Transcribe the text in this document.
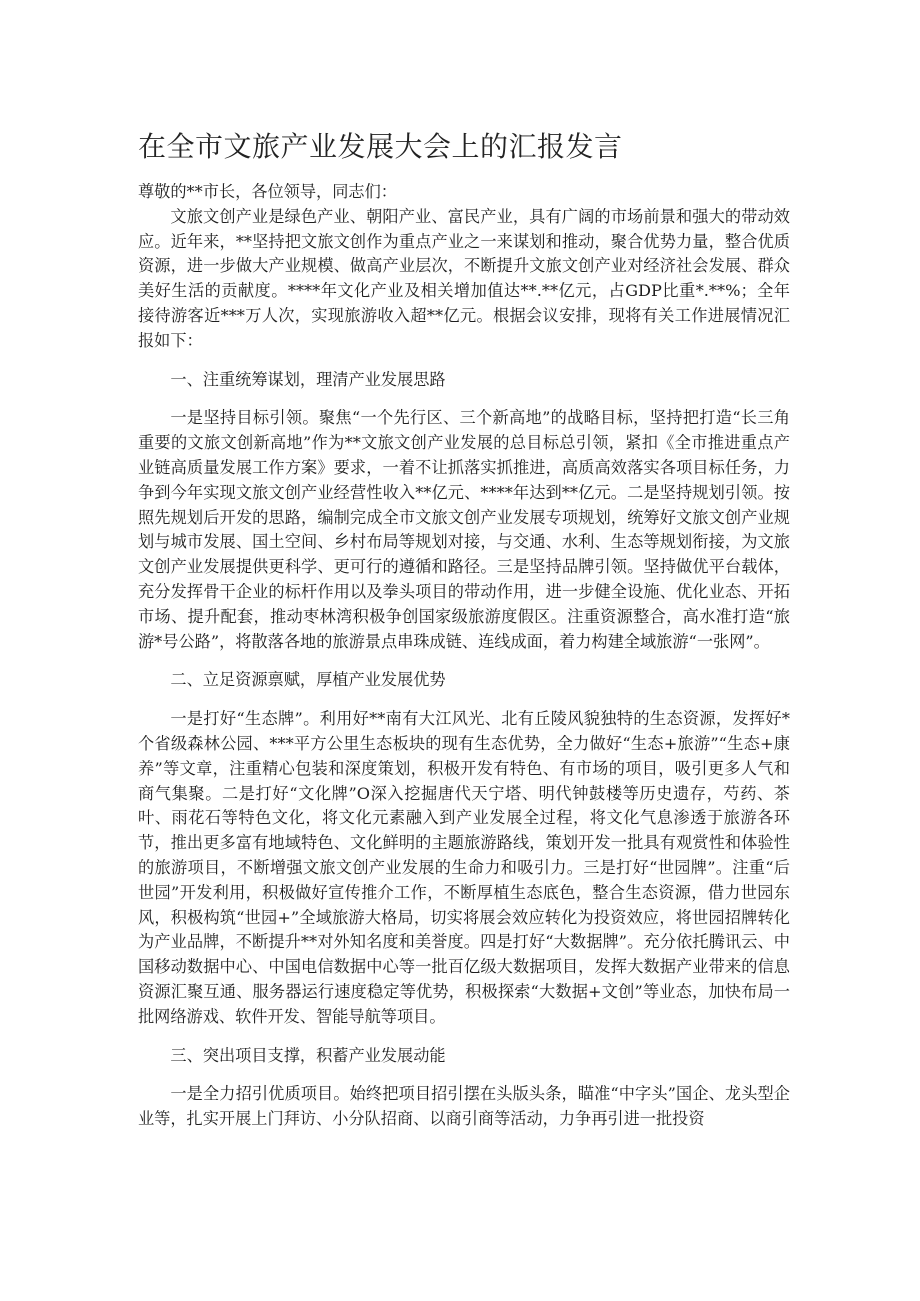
在全市文旅产业发展大会上的汇报发言

尊敬的**市长，各位领导，同志们：

文旅文创产业是绿色产业、朝阳产业、富民产业，具有广阔的市场前景和强大的带动效应。近年来，**坚持把文旅文创作为重点产业之一来谋划和推动，聚合优势力量，整合优质资源，进一步做大产业规模、做高产业层次，不断提升文旅文创产业对经济社会发展、群众美好生活的贡献度。****年文化产业及相关增加值达**.**亿元，占GDP比重*.**%；全年接待游客近***万人次，实现旅游收入超**亿元。根据会议安排，现将有关工作进展情况汇报如下：

一、注重统筹谋划，理清产业发展思路

一是坚持目标引领。聚焦“一个先行区、三个新高地”的战略目标，坚持把打造“长三角重要的文旅文创新高地”作为**文旅文创产业发展的总目标总引领，紧扣《全市推进重点产业链高质量发展工作方案》要求，一着不让抓落实抓推进，高质高效落实各项目标任务，力争到今年实现文旅文创产业经营性收入**亿元、****年达到**亿元。二是坚持规划引领。按照先规划后开发的思路，编制完成全市文旅文创产业发展专项规划，统筹好文旅文创产业规划与城市发展、国土空间、乡村布局等规划对接，与交通、水利、生态等规划衔接，为文旅文创产业发展提供更科学、更可行的遵循和路径。三是坚持品牌引领。坚持做优平台载体，充分发挥骨干企业的标杆作用以及拳头项目的带动作用，进一步健全设施、优化业态、开拓市场、提升配套，推动枣林湾积极争创国家级旅游度假区。注重资源整合，高水准打造“旅游*号公路”，将散落各地的旅游景点串珠成链、连线成面，着力构建全域旅游“一张网”。

二、立足资源禀赋，厚植产业发展优势

一是打好“生态牌”。利用好**南有大江风光、北有丘陵风貌独特的生态资源，发挥好*个省级森林公园、***平方公里生态板块的现有生态优势，全力做好“生态+旅游”“生态+康养”等文章，注重精心包装和深度策划，积极开发有特色、有市场的项目，吸引更多人气和商气集聚。二是打好“文化牌”O深入挖掘唐代天宁塔、明代钟鼓楼等历史遗存，芍药、茶叶、雨花石等特色文化，将文化元素融入到产业发展全过程，将文化气息渗透于旅游各环节，推出更多富有地域特色、文化鲜明的主题旅游路线，策划开发一批具有观赏性和体验性的旅游项目，不断增强文旅文创产业发展的生命力和吸引力。三是打好“世园牌”。注重“后世园”开发利用，积极做好宣传推介工作，不断厚植生态底色，整合生态资源，借力世园东风，积极构筑“世园+”全域旅游大格局，切实将展会效应转化为投资效应，将世园招牌转化为产业品牌，不断提升**对外知名度和美誉度。四是打好“大数据牌”。充分依托腾讯云、中国移动数据中心、中国电信数据中心等一批百亿级大数据项目，发挥大数据产业带来的信息资源汇聚互通、服务器运行速度稳定等优势，积极探索“大数据+文创”等业态，加快布局一批网络游戏、软件开发、智能导航等项目。

三、突出项目支撑，积蓄产业发展动能

一是全力招引优质项目。始终把项目招引摆在头版头条，瞄准“中字头”国企、龙头型企业等，扎实开展上门拜访、小分队招商、以商引商等活动，力争再引进一批投资
